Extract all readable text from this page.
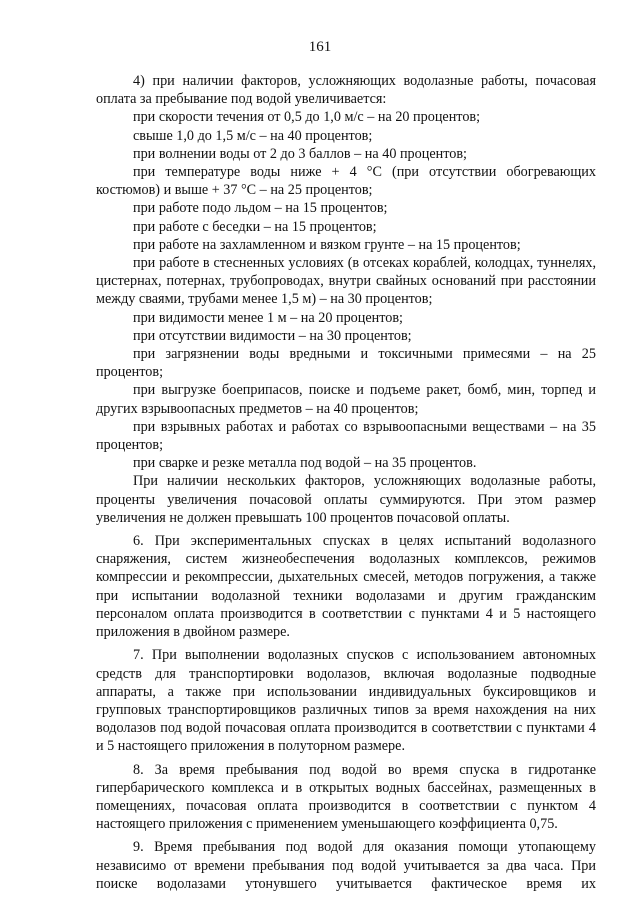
161

4) при наличии факторов, усложняющих водолазные работы, почасовая оплата за пребывание под водой увеличивается:

при скорости течения от 0,5 до 1,0 м/с – на 20 процентов;

свыше 1,0 до 1,5 м/с – на 40 процентов;

при волнении воды от 2 до 3 баллов – на 40 процентов;

при температуре воды ниже + 4 °С (при отсутствии обогревающих костюмов) и выше + 37 °С – на 25 процентов;

при работе подо льдом – на 15 процентов;

при работе с беседки – на 15 процентов;

при работе на захламленном и вязком грунте – на 15 процентов;

при работе в стесненных условиях (в отсеках кораблей, колодцах, туннелях, цистернах, потернах, трубопроводах, внутри свайных оснований при расстоянии между сваями, трубами менее 1,5 м) – на 30 процентов;

при видимости менее 1 м – на 20 процентов;

при отсутствии видимости – на 30 процентов;

при загрязнении воды вредными и токсичными примесями – на 25 процентов;

при выгрузке боеприпасов, поиске и подъеме ракет, бомб, мин, торпед и других взрывоопасных предметов – на 40 процентов;

при взрывных работах и работах со взрывоопасными веществами – на 35 процентов;

при сварке и резке металла под водой – на 35 процентов.

При наличии нескольких факторов, усложняющих водолазные работы, проценты увеличения почасовой оплаты суммируются. При этом размер увеличения не должен превышать 100 процентов почасовой оплаты.

6. При экспериментальных спусках в целях испытаний водолазного снаряжения, систем жизнеобеспечения водолазных комплексов, режимов компрессии и рекомпрессии, дыхательных смесей, методов погружения, а также при испытании водолазной техники водолазами и другим гражданским персоналом оплата производится в соответствии с пунктами 4 и 5 настоящего приложения в двойном размере.

7. При выполнении водолазных спусков с использованием автономных средств для транспортировки водолазов, включая водолазные подводные аппараты, а также при использовании индивидуальных буксировщиков и групповых транспортировщиков различных типов за время нахождения на них водолазов под водой почасовая оплата производится в соответствии с пунктами 4 и 5 настоящего приложения в полуторном размере.

8. За время пребывания под водой во время спуска в гидротанке гипербарического комплекса и в открытых водных бассейнах, размещенных в помещениях, почасовая оплата производится в соответствии с пунктом 4 настоящего приложения с применением уменьшающего коэффициента 0,75.

9. Время пребывания под водой для оказания помощи утопающему независимо от времени пребывания под водой учитывается за два часа. При поиске водолазами утонувшего учитывается фактическое время их
